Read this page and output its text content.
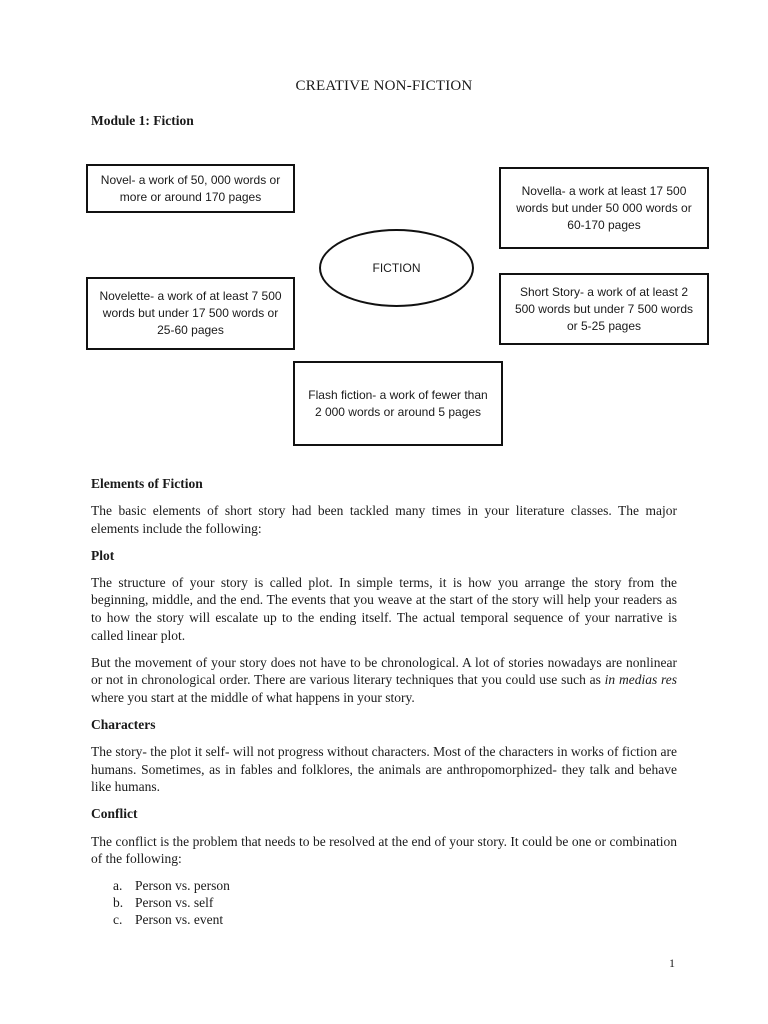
CREATIVE NON-FICTION
Module 1: Fiction
Novel- a work of 50, 000 words or more or around 170 pages	Novella- a work at least 17 500 words but under 50 000 words or 60-170 pages
FICTION
Novelette- a work of at least 7 500 words but under 17 500 words or 25-60 pages
Short Story- a work of at least 2 500 words but under 7 500 words or 5-25 pages
Flash fiction- a work of fewer than 2 000 words or around 5 pages
Elements of Fiction

The basic elements of short story had been tackled many times in your literature classes. The major elements include the following:

Plot

The structure of your story is called plot. In simple terms, it is how you arrange the story from the beginning, middle, and the end. The events that you weave at the start of the story will help your readers as to how the story will escalate up to the ending itself. The actual temporal sequence of your narrative is called linear plot.

But the movement of your story does not have to be chronological. A lot of stories nowadays are nonlinear or not in chronological order. There are various literary techniques that you could use such as in medias res where you start at the middle of what happens in your story.

Characters

The story- the plot it self- will not progress without characters. Most of the characters in works of fiction are humans. Sometimes, as in fables and folklores, the animals are anthropomorphized- they talk and behave like humans.

Conflict

The conflict is the problem that needs to be resolved at the end of your story. It could be one or combination of the following:

a. Person vs. person
b. Person vs. self
c. Person vs. event
1
